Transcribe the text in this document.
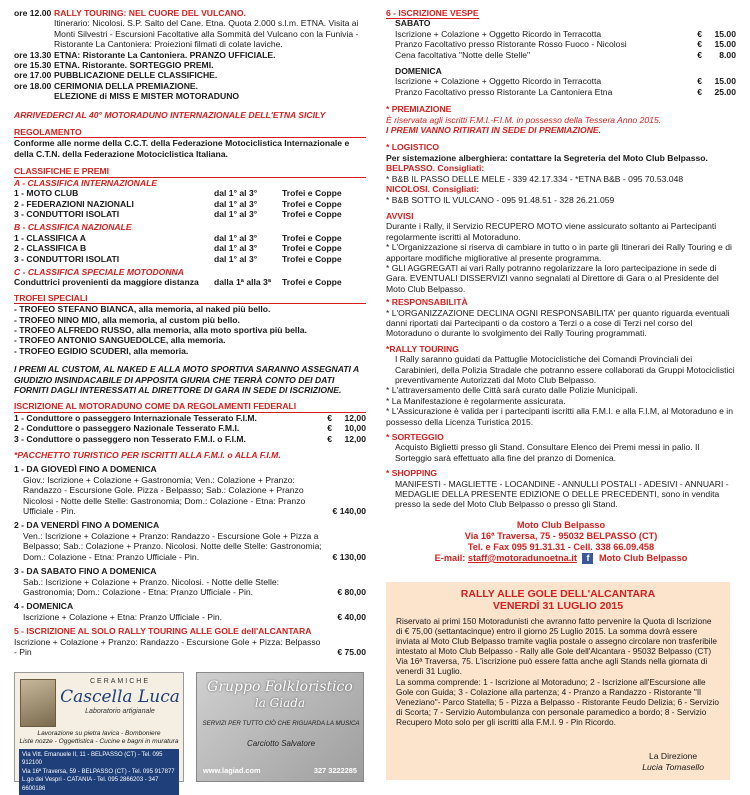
ore 12.00 RALLY TOURING: NEL CUORE DEL VULCANO.
Itinerario: Nicolosi. S.P. Salto del Cane. Etna. Quota 2.000 s.l.m. ETNA. Visita ai Monti Silvestri - Escursioni Facoltative alla Sommità del Vulcano con la Funivia - Ristorante La Cantoniera: Proiezioni filmati di colate laviche.
ore 13.30 ETNA: Ristorante La Cantoniera. PRANZO UFFICIALE.
ore 15.30 ETNA. Ristorante. SORTEGGIO PREMI.
ore 17.00 PUBBLICAZIONE DELLE CLASSIFICHE.
ore 18.00 CERIMONIA DELLA PREMIAZIONE.
ELEZIONE di MISS E MISTER MOTORADUNO
ARRIVEDERCI AL 40° MOTORADUNO INTERNAZIONALE DELL'ETNA SICILY
REGOLAMENTO
Conforme alle norme della C.C.T. della Federazione Motociclistica Internazionale e della C.T.N. della Federazione Motociclistica Italiana.
CLASSIFICHE E PREMI
A - CLASSIFICA INTERNAZIONALE
1 - MOTO CLUB	dal 1° al 3°	Trofei e Coppe
2 - FEDERAZIONI NAZIONALI	dal 1° al 3°	Trofei e Coppe
3 - CONDUTTORI ISOLATI	dal 1° al 3°	Trofei e Coppe
B - CLASSIFICA NAZIONALE
1 - CLASSIFICA A	dal 1° al 3°	Trofei e Coppe
2 - CLASSIFICA B	dal 1° al 3°	Trofei e Coppe
3 - CONDUTTORI ISOLATI	dal 1° al 3°	Trofei e Coppe
C - CLASSIFICA SPECIALE MOTODONNA
Conduttrici provenienti da maggiore distanza	dalla 1ª alla 3ª	Trofei e Coppe
TROFEI SPECIALI
- TROFEO STEFANO BIANCA, alla memoria, al naked più bello.
- TROFEO NINO MIO, alla memoria, al custom più bello.
- TROFEO ALFREDO RUSSO, alla memoria, alla moto sportiva più bella.
- TROFEO ANTONIO SANGUEDOLCE, alla memoria.
- TROFEO EGIDIO SCUDERI, alla memoria.
I PREMI AL CUSTOM, AL NAKED E ALLA MOTO SPORTIVA SARANNO ASSEGNATI A GIUDIZIO INSINDACABILE DI APPOSITA GIURIA CHE TERRÀ CONTO DEI DATI FORNITI DAGLI INTERESSATI AL DIRETTORE DI GARA IN SEDE DI ISCRIZIONE.
ISCRIZIONE AL MOTORADUNO COME DA REGOLAMENTI FEDERALI
1 - Conduttore o passeggero Internazionale Tesserato F.I.M.	€	12,00
2 - Conduttore o passeggero Nazionale Tesserato F.M.I.	€	10,00
3 - Conduttore o passeggero non Tesserato F.M.I. o F.I.M.	€	12,00
*PACCHETTO TURISTICO PER ISCRITTI ALLA F.M.I. o ALLA F.I.M.
1 - DA GIOVEDÌ FINO A DOMENICA
Giov.: Iscrizione + Colazione + Gastronomia; Ven.: Colazione + Pranzo: Randazzo - Escursione Gole. Pizza - Belpasso; Sab.: Colazione + Pranzo Nicolosi - Notte delle Stelle: Gastronomia; Dom.: Colazione - Etna: Pranzo Ufficiale - Pin.	€ 140,00
2 - DA VENERDÌ FINO A DOMENICA
Ven.: Iscrizione + Colazione + Pranzo: Randazzo - Escursione Gole + Pizza a Belpasso; Sab.: Colazione + Pranzo. Nicolosi. Notte delle Stelle: Gastronomia; Dom.: Colazione - Etna: Pranzo Ufficiale - Pin.	€ 130,00
3 - DA SABATO FINO A DOMENICA
Sab.: Iscrizione + Colazione + Pranzo. Nicolosi. - Notte delle Stelle: Gastronomia; Dom.: Colazione - Etna: Pranzo Ufficiale - Pin.	€ 80,00
4 - DOMENICA
Iscrizione + Colazione + Etna: Pranzo Ufficiale - Pin.	€ 40,00
5 - ISCRIZIONE AL SOLO RALLY TOURING ALLE GOLE dell'ALCANTARA
Iscrizione + Colazione + Pranzo: Randazzo - Escursione Gole + Pizza: Belpasso - Pin	€ 75.00
CERAMICHE
Cascella Luca
Laboratorio artigianale
Lavorazione su pietra lavica - Bomboniere
Liste nozze - Oggettistica - Cucine e bagni in muratura
Via Vitt. Emanuele II, 11 - BELPASSO (CT) - Tel. 095 912100
Via 16ª Traversa, 59 - BELPASSO (CT) - Tel. 095 917877
L.go dei Vespri - CATANIA - Tel. 095 2866203 - 347 6600186
Gruppo Folkloristico
la Giada
SERVIZI PER TUTTO CIÒ CHE RIGUARDA LA MUSICA
Carciotto Salvatore
www.lagiad.com	327 3222285
6 - ISCRIZIONE VESPE
SABATO
Iscrizione + Colazione + Oggetto Ricordo in Terracotta	€	15.00
Pranzo Facoltativo presso Ristorante Rosso Fuoco - Nicolosi	€	15.00
Cena facoltativa "Notte delle Stelle"	€	8.00
DOMENICA
Iscrizione + Colazione + Oggetto Ricordo in Terracotta	€	15.00
Pranzo Facoltativo presso Ristorante La Cantoniera Etna	€	25.00
* PREMIAZIONE
È riservata agli iscritti F.M.I.-F.I.M. in possesso della Tessera Anno 2015.
I PREMI VANNO RITIRATI IN SEDE DI PREMIAZIONE.
* LOGISTICO
Per sistemazione alberghiera: contattare la Segreteria del Moto Club Belpasso.
BELPASSO. Consigliati:
* B&B IL PASSO DELLE MELE - 339 42.17.334 - *ETNA B&B - 095 70.53.048
NICOLOSI. Consigliati:
* B&B SOTTO IL VULCANO - 095 91.48.51 - 328 26.21.059
AVVISI
Durante i Rally, il Servizio RECUPERO MOTO viene assicurato soltanto ai Partecipanti regolarmente iscritti al Motoraduno.
* L'Organizzazione si riserva di cambiare in tutto o in parte gli Itinerari dei Rally Touring e di apportare modifiche migliorative al presente programma.
* GLI AGGREGATI ai vari Rally potranno regolarizzare la loro partecipazione in sede di Gara. EVENTUALI DISSERVIZI vanno segnalati al Direttore di Gara o al Presidente del Moto Club Belpasso.
* RESPONSABILITÀ
* L'ORGANIZZAZIONE DECLINA OGNI RESPONSABILITA' per quanto riguarda eventuali danni riportati dai Partecipanti o da costoro a Terzi o a cose di Terzi nel corso del Motoraduno o durante lo svolgimento dei Rally Touring programmati.
*RALLY TOURING
I Rally saranno guidati da Pattuglie Motociclistiche dei Comandi Provinciali dei Carabinieri, della Polizia Stradale che potranno essere collaborati da Gruppi Motociclistici preventivamente Autorizzati dal Moto Club Belpasso.
* L'attraversamento delle Città sarà curato dalle Polizie Municipali.
* La Manifestazione è regolarmente assicurata.
* L'Assicurazione è valida per i partecipanti iscritti alla F.M.I. e alla F.I.M, al Motoraduno e in possesso della Licenza Turistica 2015.
* SORTEGGIO
Acquisto Biglietti presso gli Stand. Consultare Elenco dei Premi messi in palio. Il Sorteggio sarà effettuato alla fine del pranzo di Domenica.
* SHOPPING
MANIFESTI - MAGLIETTE - LOCANDINE - ANNULLI POSTALI - ADESIVI - ANNUARI - MEDAGLIE DELLA PRESENTE EDIZIONE O DELLE PRECEDENTI, sono in vendita presso la sede del Moto Club Belpasso o presso gli Stand.
Moto Club Belpasso
Via 16ª Traversa, 75 - 95032 BELPASSO (CT)
Tel. e Fax 095 91.31.31 - Cell. 338 66.09.458
E-mail: staff@motoradunoetna.it f Moto Club Belpasso
RALLY ALLE GOLE DELL'ALCANTARA
VENERDÌ 31 LUGLIO 2015
Riservato ai primi 150 Motoradunisti che avranno fatto pervenire la Quota di Iscrizione di € 75,00 (settantacinque) entro il giorno 25 Luglio 2015. La somma dovrà essere inviata al Moto Club Belpasso tramite vaglia postale o assegno circolare non trasferibile intestato al Moto Club Belpasso - Rally alle Gole dell'Alcantara - 95032 Belpasso (CT) Via 16ª Traversa, 75. L'iscrizione può essere fatta anche agli Stands nella giornata di venerdì 31 Luglio.
La somma comprende: 1 - Iscrizione al Motoraduno; 2 - Iscrizione all'Escursione alle Gole con Guida; 3 - Colazione alla partenza; 4 - Pranzo a Randazzo - Ristorante "Il Veneziano"- Parco Statella; 5 - Pizza a Belpasso - Ristorante Feudo Delizia; 6 - Servizio di Scorta; 7 - Servizio Autombulanza con personale paramedico a bordo; 8 - Servizio Recupero Moto solo per gli iscritti alla F.M.I. 9 - Pin Ricordo.
La Direzione
Lucia Tomasello
